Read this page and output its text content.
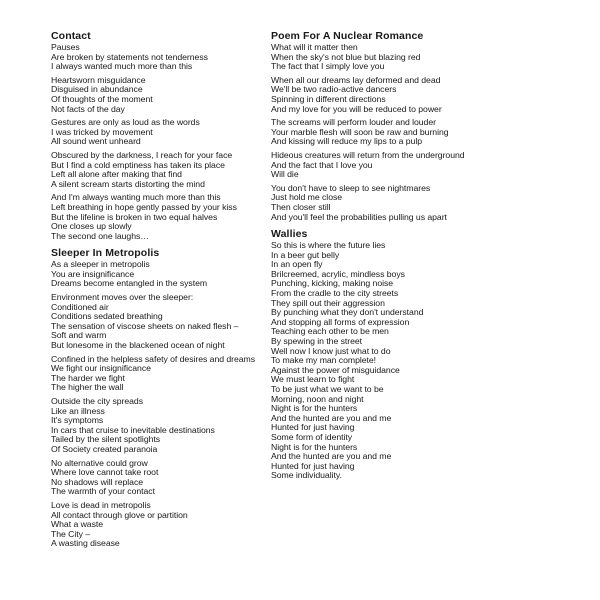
Contact
Pauses
Are broken by statements not tenderness
I always wanted much more than this
Heartsworn misguidance
Disguised in abundance
Of thoughts of the moment
Not facts of the day
Gestures are only as loud as the words
I was tricked by movement
All sound went unheard
Obscured by the darkness, I reach for your face
But I find a cold emptiness has taken its place
Left all alone after making that find
A silent scream starts distorting the mind
And I'm always wanting much more than this
Left breathing in hope gently passed by your kiss
But the lifeline is broken in two equal halves
One closes up slowly
The second one laughs…
Sleeper In Metropolis
As a sleeper in metropolis
You are insignificance
Dreams become entangled in the system
Environment moves over the sleeper:
Conditioned air
Conditions sedated breathing
The sensation of viscose sheets on naked flesh –
Soft and warm
But lonesome in the blackened ocean of night
Confined in the helpless safety of desires and dreams
We fight our insignificance
The harder we fight
The higher the wall
Outside the city spreads
Like an illness
It's symptoms
In cars that cruise to inevitable destinations
Tailed by the silent spotlights
Of Society created paranoia
No alternative could grow
Where love cannot take root
No shadows will replace
The warmth of your contact
Love is dead in metropolis
All contact through glove or partition
What a waste
The City –
A wasting disease
Poem For A Nuclear Romance
What will it matter then
When the sky's not blue but blazing red
The fact that I simply love you
When all our dreams lay deformed and dead
We'll be two radio-active dancers
Spinning in different directions
And my love for you will be reduced to power
The screams will perform louder and louder
Your marble flesh will soon be raw and burning
And kissing will reduce my lips to a pulp
Hideous creatures will return from the underground
And the fact that I love you
Will die
You don't have to sleep to see nightmares
Just hold me close
Then closer still
And you'll feel the probabilities pulling us apart
Wallies
So this is where the future lies
In a beer gut belly
In an open fly
Brilcreemed, acrylic, mindless boys
Punching, kicking, making noise
From the cradle to the city streets
They spill out their aggression
By punching what they don't understand
And stopping all forms of expression
Teaching each other to be men
By spewing in the street
Well now I know just what to do
To make my man complete!
Against the power of misguidance
We must learn to fight
To be just what we want to be
Morning, noon and night
Night is for the hunters
And the hunted are you and me
Hunted for just having
Some form of identity
Night is for the hunters
And the hunted are you and me
Hunted for just having
Some individuality.
